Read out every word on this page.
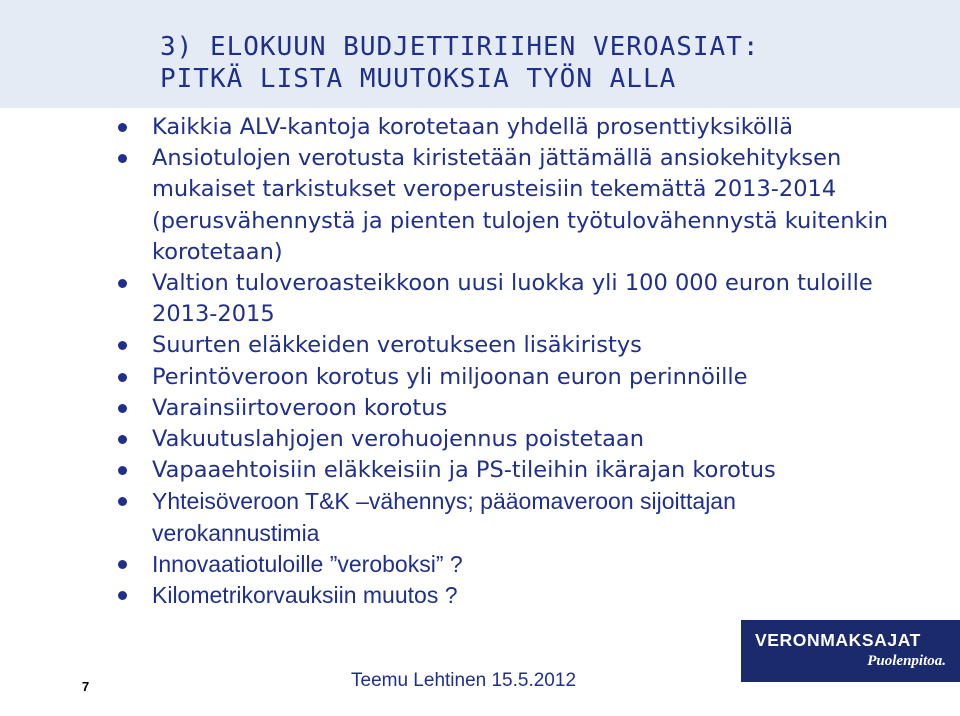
3) ELOKUUN BUDJETTIRIIHEN VEROASIAT:
PITKÄ LISTA MUUTOKSIA TYÖN ALLA
Kaikkia ALV-kantoja korotetaan yhdellä prosenttiyksiköllä
Ansiotulojen verotusta kiristetään jättämällä ansiokehityksen
mukaiset tarkistukset veroperusteisiin tekemättä 2013-2014
(perusvähennystä ja pienten tulojen työtulovähennystä kuitenkin
korotetaan)
Valtion tuloveroasteikkoon uusi luokka yli 100 000 euron tuloille
2013-2015
Suurten eläkkeiden verotukseen lisäkiristys
Perintöveroon korotus yli miljoonan euron perinnöille
Varainsiirtoveroon korotus
Vakuutuslahjojen verohuojennus poistetaan
Vapaaehtoisiin eläkkeisiin ja PS-tileihin ikärajan korotus
Yhteisöveroon T&K –vähennys; pääomaveroon sijoittajan
verokannustimia
Innovaatiotuloille ”veroboksi” ?
Kilometrikorvauksiin muutos ?
7	Teemu Lehtinen 15.5.2012
VERONMAKSAJAT
Puolenpitoa.
